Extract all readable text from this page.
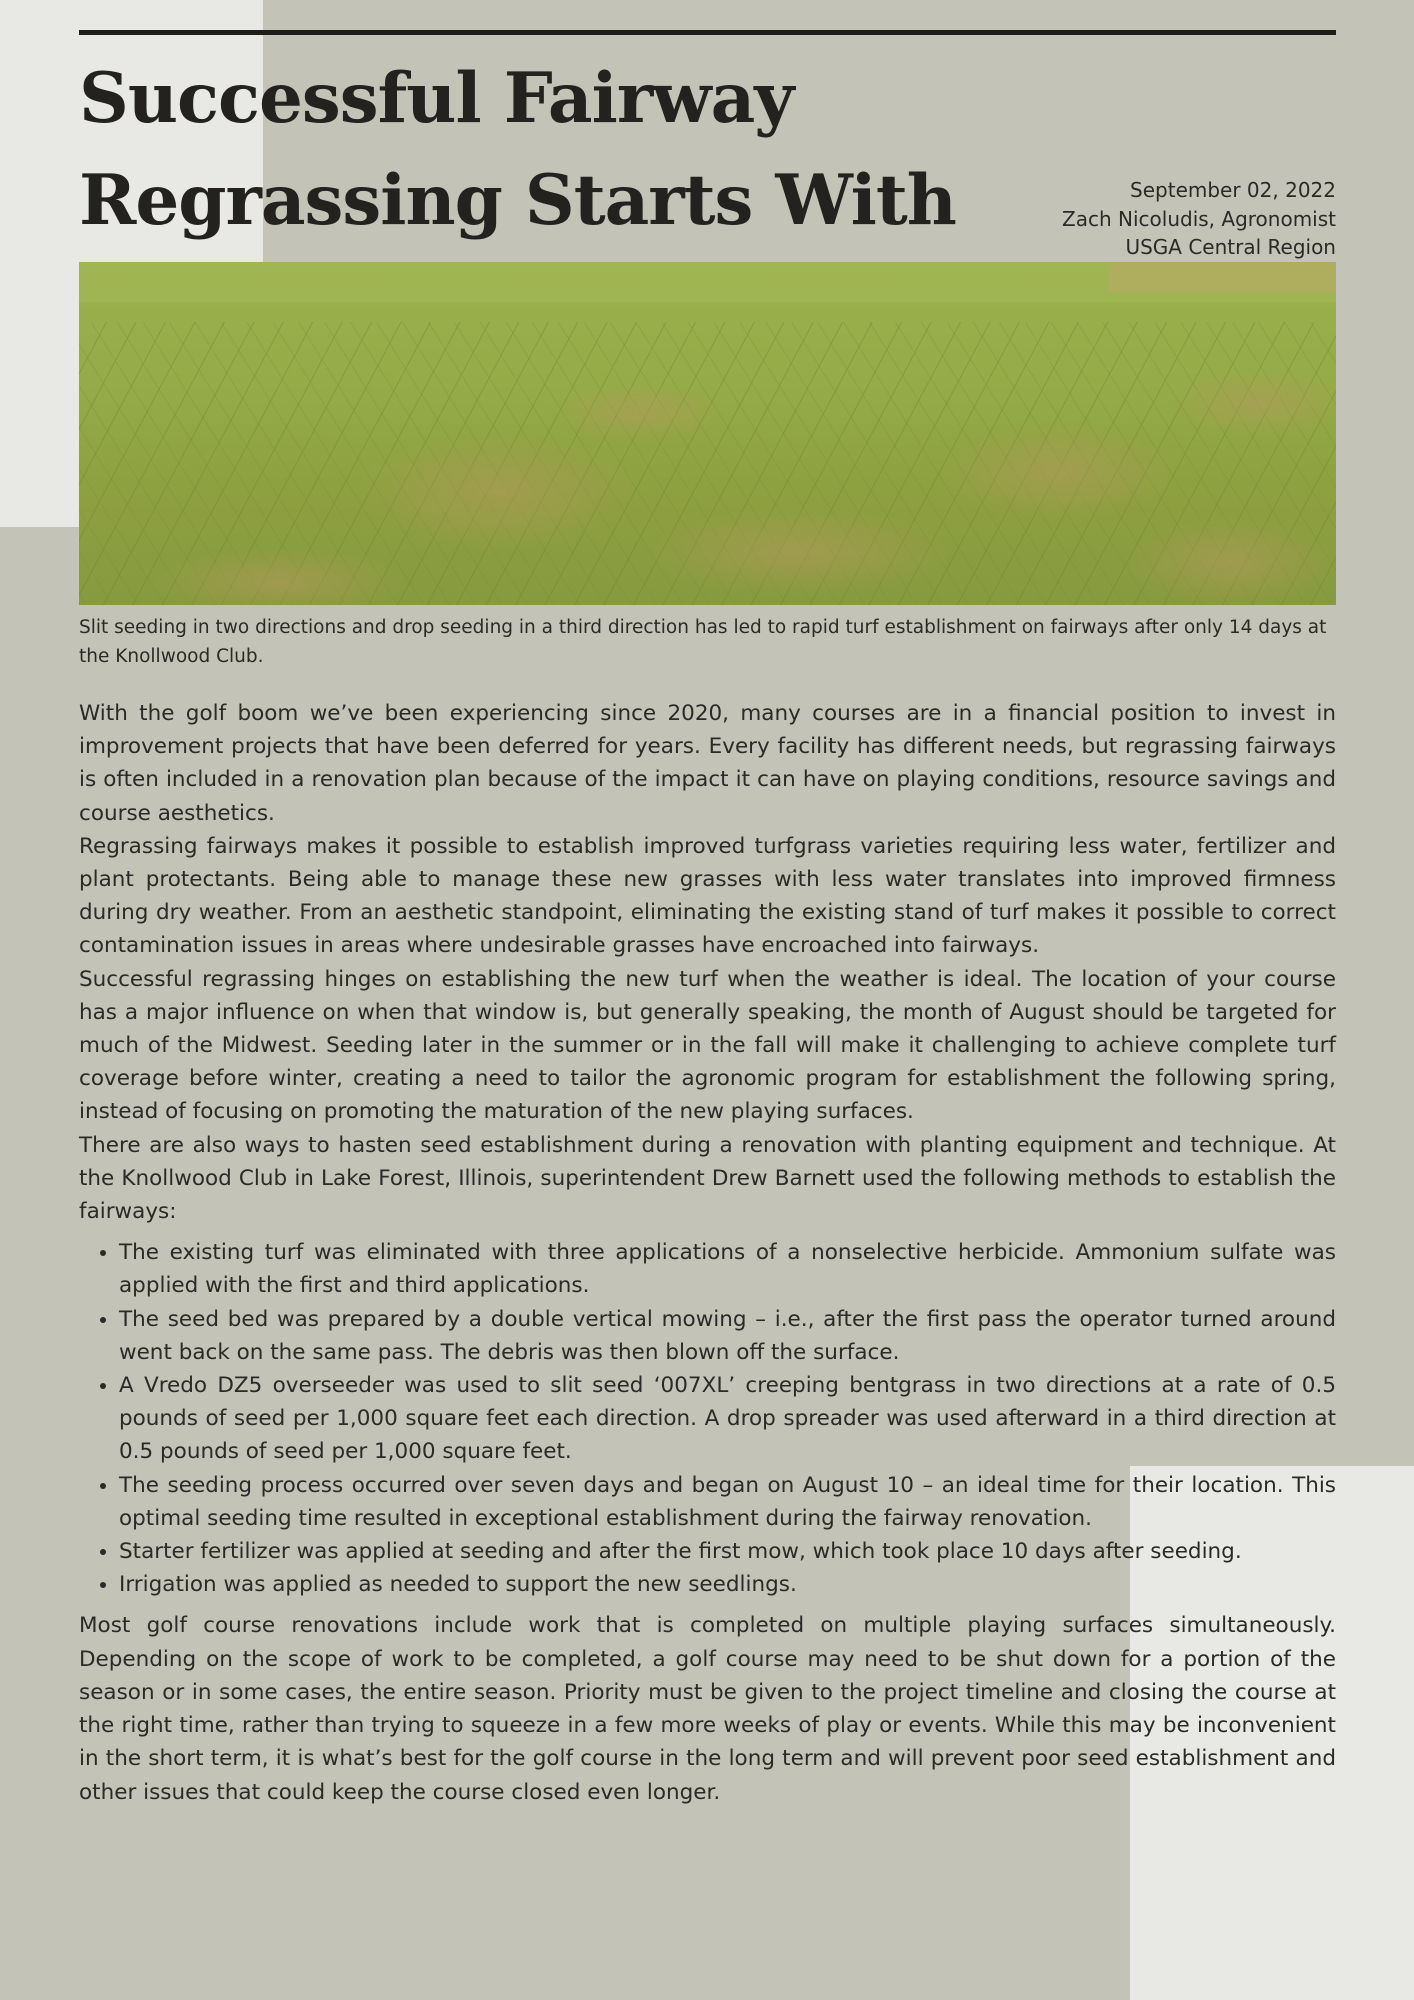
Successful Fairway Regrassing Starts With	September 02, 2022
Zach Nicoludis, Agronomist
USGA Central Region

Slit seeding in two directions and drop seeding in a third direction has led to rapid turf establishment on fairways after only 14 days at the Knollwood Club.

With the golf boom we’ve been experiencing since 2020, many courses are in a financial position to invest in improvement projects that have been deferred for years. Every facility has different needs, but regrassing fairways is often included in a renovation plan because of the impact it can have on playing conditions, resource savings and course aesthetics.

Regrassing fairways makes it possible to establish improved turfgrass varieties requiring less water, fertilizer and plant protectants. Being able to manage these new grasses with less water translates into improved firmness during dry weather. From an aesthetic standpoint, eliminating the existing stand of turf makes it possible to correct contamination issues in areas where undesirable grasses have encroached into fairways.

Successful regrassing hinges on establishing the new turf when the weather is ideal. The location of your course has a major influence on when that window is, but generally speaking, the month of August should be targeted for much of the Midwest. Seeding later in the summer or in the fall will make it challenging to achieve complete turf coverage before winter, creating a need to tailor the agronomic program for establishment the following spring, instead of focusing on promoting the maturation of the new playing surfaces.

There are also ways to hasten seed establishment during a renovation with planting equipment and technique. At the Knollwood Club in Lake Forest, Illinois, superintendent Drew Barnett used the following methods to establish the fairways:

• The existing turf was eliminated with three applications of a nonselective herbicide. Ammonium sulfate was applied with the first and third applications.
• The seed bed was prepared by a double vertical mowing – i.e., after the first pass the operator turned around went back on the same pass. The debris was then blown off the surface.
• A Vredo DZ5 overseeder was used to slit seed ‘007XL’ creeping bentgrass in two directions at a rate of 0.5 pounds of seed per 1,000 square feet each direction. A drop spreader was used afterward in a third direction at 0.5 pounds of seed per 1,000 square feet.
• The seeding process occurred over seven days and began on August 10 – an ideal time for their location. This optimal seeding time resulted in exceptional establishment during the fairway renovation.
• Starter fertilizer was applied at seeding and after the first mow, which took place 10 days after seeding.
• Irrigation was applied as needed to support the new seedlings.

Most golf course renovations include work that is completed on multiple playing surfaces simultaneously. Depending on the scope of work to be completed, a golf course may need to be shut down for a portion of the season or in some cases, the entire season. Priority must be given to the project timeline and closing the course at the right time, rather than trying to squeeze in a few more weeks of play or events. While this may be inconvenient in the short term, it is what’s best for the golf course in the long term and will prevent poor seed establishment and other issues that could keep the course closed even longer.
